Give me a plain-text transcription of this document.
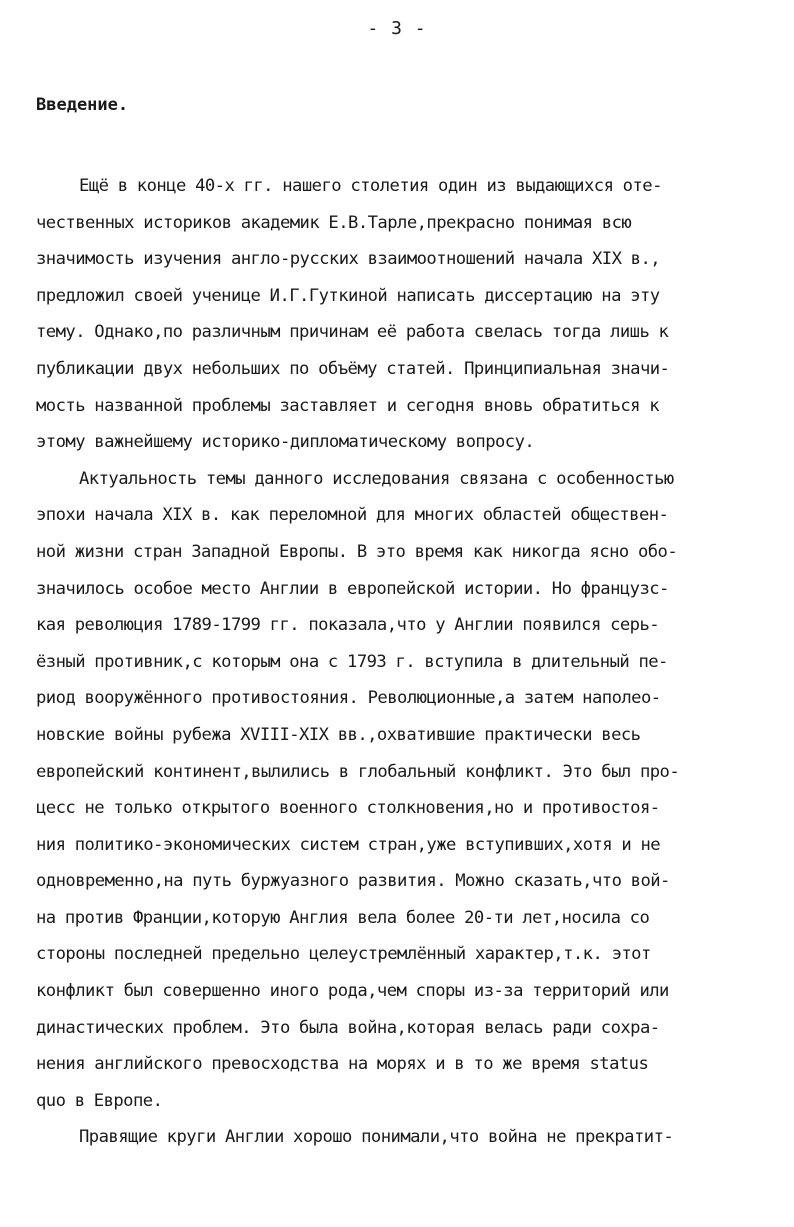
- 3 -
Введение.
Ещё в конце 40-х гг. нашего столетия один из выдающихся оте-
чественных историков академик Е.В.Тарле,прекрасно понимая всю
значимость изучения англо-русских взаимоотношений начала XIX в.,
предложил своей ученице И.Г.Гуткиной написать диссертацию на эту
тему. Однако,по различным причинам её работа свелась тогда лишь к
публикации двух небольших по объёму статей. Принципиальная значи-
мость названной проблемы заставляет и сегодня вновь обратиться к
этому важнейшему историко-дипломатическому вопросу.
Актуальность темы данного исследования связана с особенностью
эпохи начала XIX в. как переломной для многих областей обществен-
ной жизни стран Западной Европы. В это время как никогда ясно обо-
значилось особое место Англии в европейской истории. Но французс-
кая революция 1789-1799 гг. показала,что у Англии появился серь-
ёзный противник,с которым она с 1793 г. вступила в длительный пе-
риод вооружённого противостояния. Революционные,а затем наполео-
новские войны рубежа XVIII-XIX вв.,охватившие практически весь
европейский континент,вылились в глобальный конфликт. Это был про-
цесс не только открытого военного столкновения,но и противостоя-
ния политико-экономических систем стран,уже вступивших,хотя и не
одновременно,на путь буржуазного развития. Можно сказать,что вой-
на против Франции,которую Англия вела более 20-ти лет,носила со
стороны последней предельно целеустремлённый характер,т.к. этот
конфликт был совершенно иного рода,чем споры из-за территорий или
династических проблем. Это была война,которая велась ради сохра-
нения английского превосходства на морях и в то же время status
quo в Европе.
Правящие круги Англии хорошо понимали,что война не прекратит-
